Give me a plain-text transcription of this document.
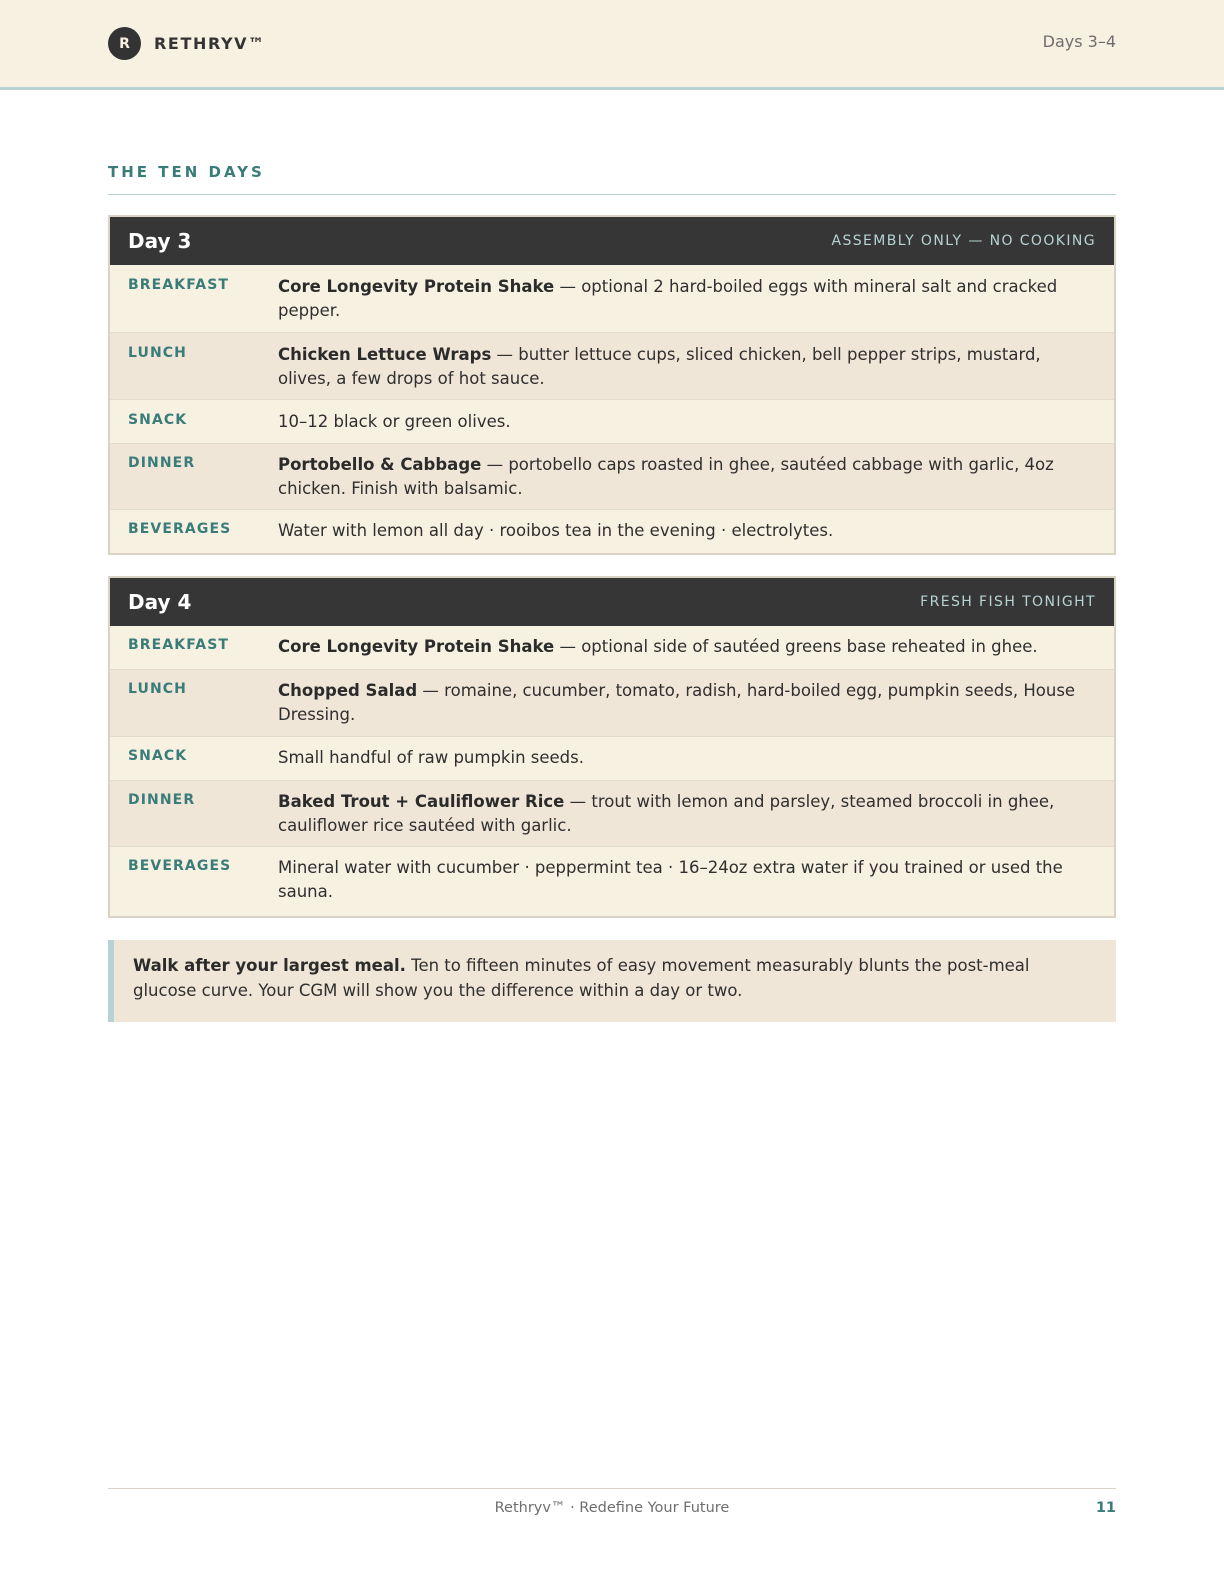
R	RETHRYV™	Days 3–4
THE TEN DAYS
Day 3	ASSEMBLY ONLY — NO COOKING
BREAKFAST	Core Longevity Protein Shake — optional 2 hard-boiled eggs with mineral salt and cracked pepper.
LUNCH	Chicken Lettuce Wraps — butter lettuce cups, sliced chicken, bell pepper strips, mustard, olives, a few drops of hot sauce.
SNACK	10–12 black or green olives.
DINNER	Portobello & Cabbage — portobello caps roasted in ghee, sautéed cabbage with garlic, 4oz chicken. Finish with balsamic.
BEVERAGES	Water with lemon all day · rooibos tea in the evening · electrolytes.
Day 4	FRESH FISH TONIGHT
BREAKFAST	Core Longevity Protein Shake — optional side of sautéed greens base reheated in ghee.
LUNCH	Chopped Salad — romaine, cucumber, tomato, radish, hard-boiled egg, pumpkin seeds, House Dressing.
SNACK	Small handful of raw pumpkin seeds.
DINNER	Baked Trout + Cauliflower Rice — trout with lemon and parsley, steamed broccoli in ghee, cauliflower rice sautéed with garlic.
BEVERAGES	Mineral water with cucumber · peppermint tea · 16–24oz extra water if you trained or used the sauna.
Walk after your largest meal. Ten to fifteen minutes of easy movement measurably blunts the post-meal glucose curve. Your CGM will show you the difference within a day or two.
Rethryv™ · Redefine Your Future	11
